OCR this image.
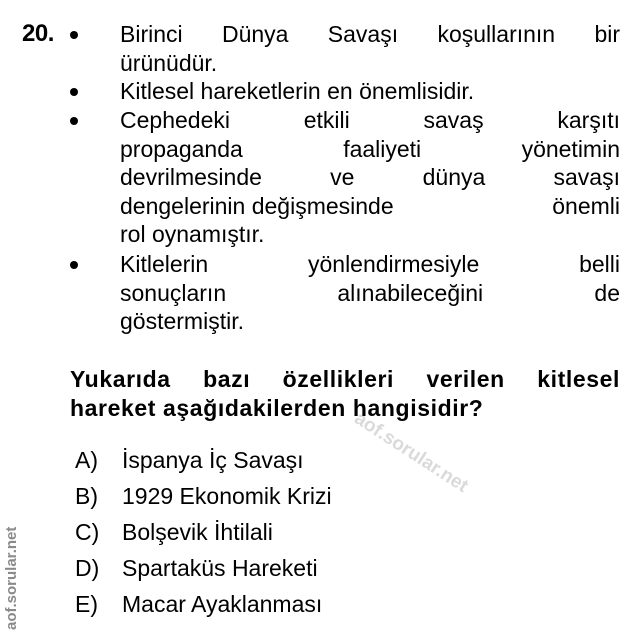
20.	Birinci Dünya Savaşı koşullarının bir
ürünüdür.
Kitlesel hareketlerin en önemlisidir.
Cephedeki	etkili	savaş	karşıtı
propaganda	faaliyeti	yönetimin
devrilmesinde	ve	dünya	savaşı
dengelerinin değişmesinde	önemli
rol oynamıştır.
Kitlelerin	yönlendirmesiyle	belli
sonuçların	alınabileceğini	de
göstermiştir.
Yukarıda bazı özellikleri verilen kitlesel
hareket aşağıdakilerden hangisidir?
A) İspanya İç Savaşı
B) 1929 Ekonomik Krizi
C) Bolşevik İhtilali
D) Spartaküs Hareketi
E) Macar Ayaklanması
aof.sorular.net
aof.sorular.net
